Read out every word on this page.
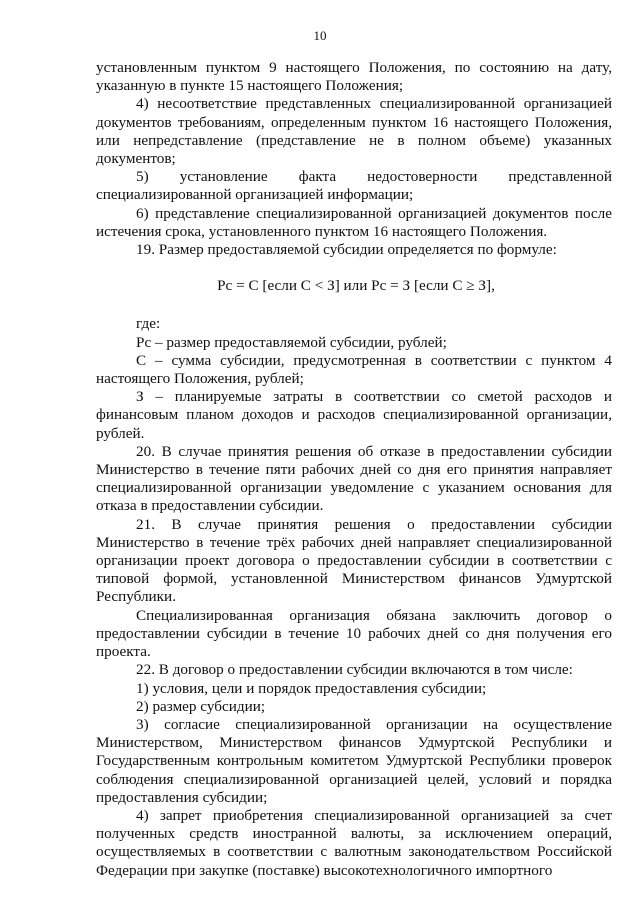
10

установленным пунктом 9 настоящего Положения, по состоянию на дату, указанную в пункте 15 настоящего Положения;

4) несоответствие представленных специализированной организацией документов требованиям, определенным пунктом 16 настоящего Положения, или непредставление (представление не в полном объеме) указанных документов;

5) установление факта недостоверности представленной специализированной организацией информации;

6) представление специализированной организацией документов после истечения срока, установленного пунктом 16 настоящего Положения.

19. Размер предоставляемой субсидии определяется по формуле:

Рс = С [если С < З] или Рс = З [если С ≥ З],

где:

Рс – размер предоставляемой субсидии, рублей;

С – сумма субсидии, предусмотренная в соответствии с пунктом 4 настоящего Положения, рублей;

З – планируемые затраты в соответствии со сметой расходов и финансовым планом доходов и расходов специализированной организации, рублей.

20. В случае принятия решения об отказе в предоставлении субсидии Министерство в течение пяти рабочих дней со дня его принятия направляет специализированной организации уведомление с указанием основания для отказа в предоставлении субсидии.

21. В случае принятия решения о предоставлении субсидии Министерство в течение трёх рабочих дней направляет специализированной организации проект договора о предоставлении субсидии в соответствии с типовой формой, установленной Министерством финансов Удмуртской Республики.

Специализированная организация обязана заключить договор о предоставлении субсидии в течение 10 рабочих дней со дня получения его проекта.

22. В договор о предоставлении субсидии включаются в том числе:

1) условия, цели и порядок предоставления субсидии;

2) размер субсидии;

3) согласие специализированной организации на осуществление Министерством, Министерством финансов Удмуртской Республики и Государственным контрольным комитетом Удмуртской Республики проверок соблюдения специализированной организацией целей, условий и порядка предоставления субсидии;

4) запрет приобретения специализированной организацией за счет полученных средств иностранной валюты, за исключением операций, осуществляемых в соответствии с валютным законодательством Российской Федерации при закупке (поставке) высокотехнологичного импортного
